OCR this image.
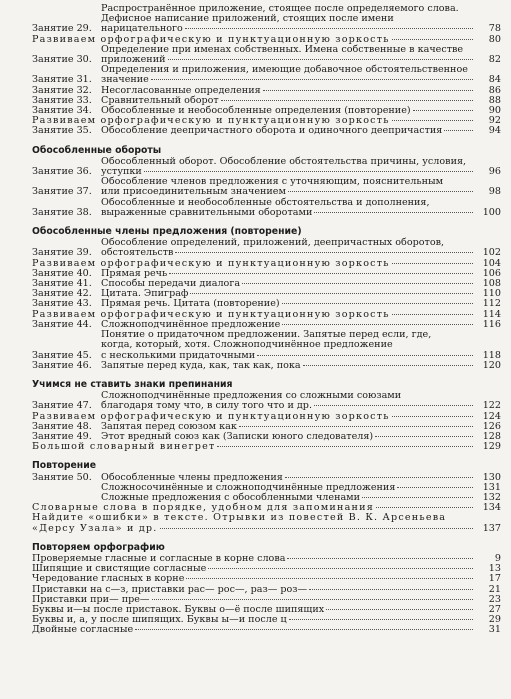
Занятие 29.
Распространённое приложение, стоящее после определяемого слова.
Дефисное написание приложений, стоящих после имени
нарицательного	78
Развиваем орфографическую и пунктуационную зоркость	80
Занятие 30.
Определение при именах собственных. Имена собственные в качестве
приложений	82
Занятие 31.
Определения и приложения, имеющие добавочное обстоятельственное
значение	84
Занятие 32. Несогласованные определения	86
Занятие 33. Сравнительный оборот	88
Занятие 34. Обособленные и необособленные определения (повторение)	90
Развиваем орфографическую и пунктуационную зоркость	92
Занятие 35. Обособление деепричастного оборота и одиночного деепричастия	94
Обособленные обороты
Занятие 36.
Обособленный оборот. Обособление обстоятельства причины, условия,
уступки	96
Занятие 37.
Обособление членов предложения с уточняющим, пояснительным
или присоединительным значением	98
Занятие 38.
Обособленные и необособленные обстоятельства и дополнения,
выраженные сравнительными оборотами	100
Обособленные члены предложения (повторение)
Занятие 39.
Обособление определений, приложений, деепричастных оборотов,
обстоятельств	102
Развиваем орфографическую и пунктуационную зоркость	104
Занятие 40. Прямая речь	106
Занятие 41. Способы передачи диалога	108
Занятие 42. Цитата. Эпиграф	110
Занятие 43. Прямая речь. Цитата (повторение)	112
Развиваем орфографическую и пунктуационную зоркость	114
Занятие 44. Сложноподчинённое предложение	116
Занятие 45.
Понятие о придаточном предложении. Запятые перед если, где,
когда, который, хотя. Сложноподчинённое предложение
с несколькими придаточными	118
Занятие 46. Запятые перед куда, как, так как, пока	120
Учимся не ставить знаки препинания
Занятие 47.
Сложноподчинённые предложения со сложными союзами
благодаря тому что, в силу того что и др.	122
Развиваем орфографическую и пунктуационную зоркость	124
Занятие 48. Запятая перед союзом как	126
Занятие 49. Этот вредный союз как (Записки юного следователя)	128
Большой словарный винегрет	129
Повторение
Занятие 50. Обособленные члены предложения	130
Сложносочинённые и сложноподчинённые предложения	131
Сложные предложения с обособленными членами	132
Словарные слова в порядке, удобном для запоминания	134
Найдите «ошибки» в тексте. Отрывки из повестей В. К. Арсеньева
«Дерсу Узала» и др.	137
Повторяем орфографию
Проверяемые гласные и согласные в корне слова	9
Шипящие и свистящие согласные	13
Чередование гласных в корне	17
Приставки на с—з, приставки рас— рос—, раз— роз—	21
Приставки при— пре—	23
Буквы и—ы после приставок. Буквы о—ё после шипящих	27
Буквы и, а, у после шипящих. Буквы ы—и после ц	29
Двойные согласные	31
